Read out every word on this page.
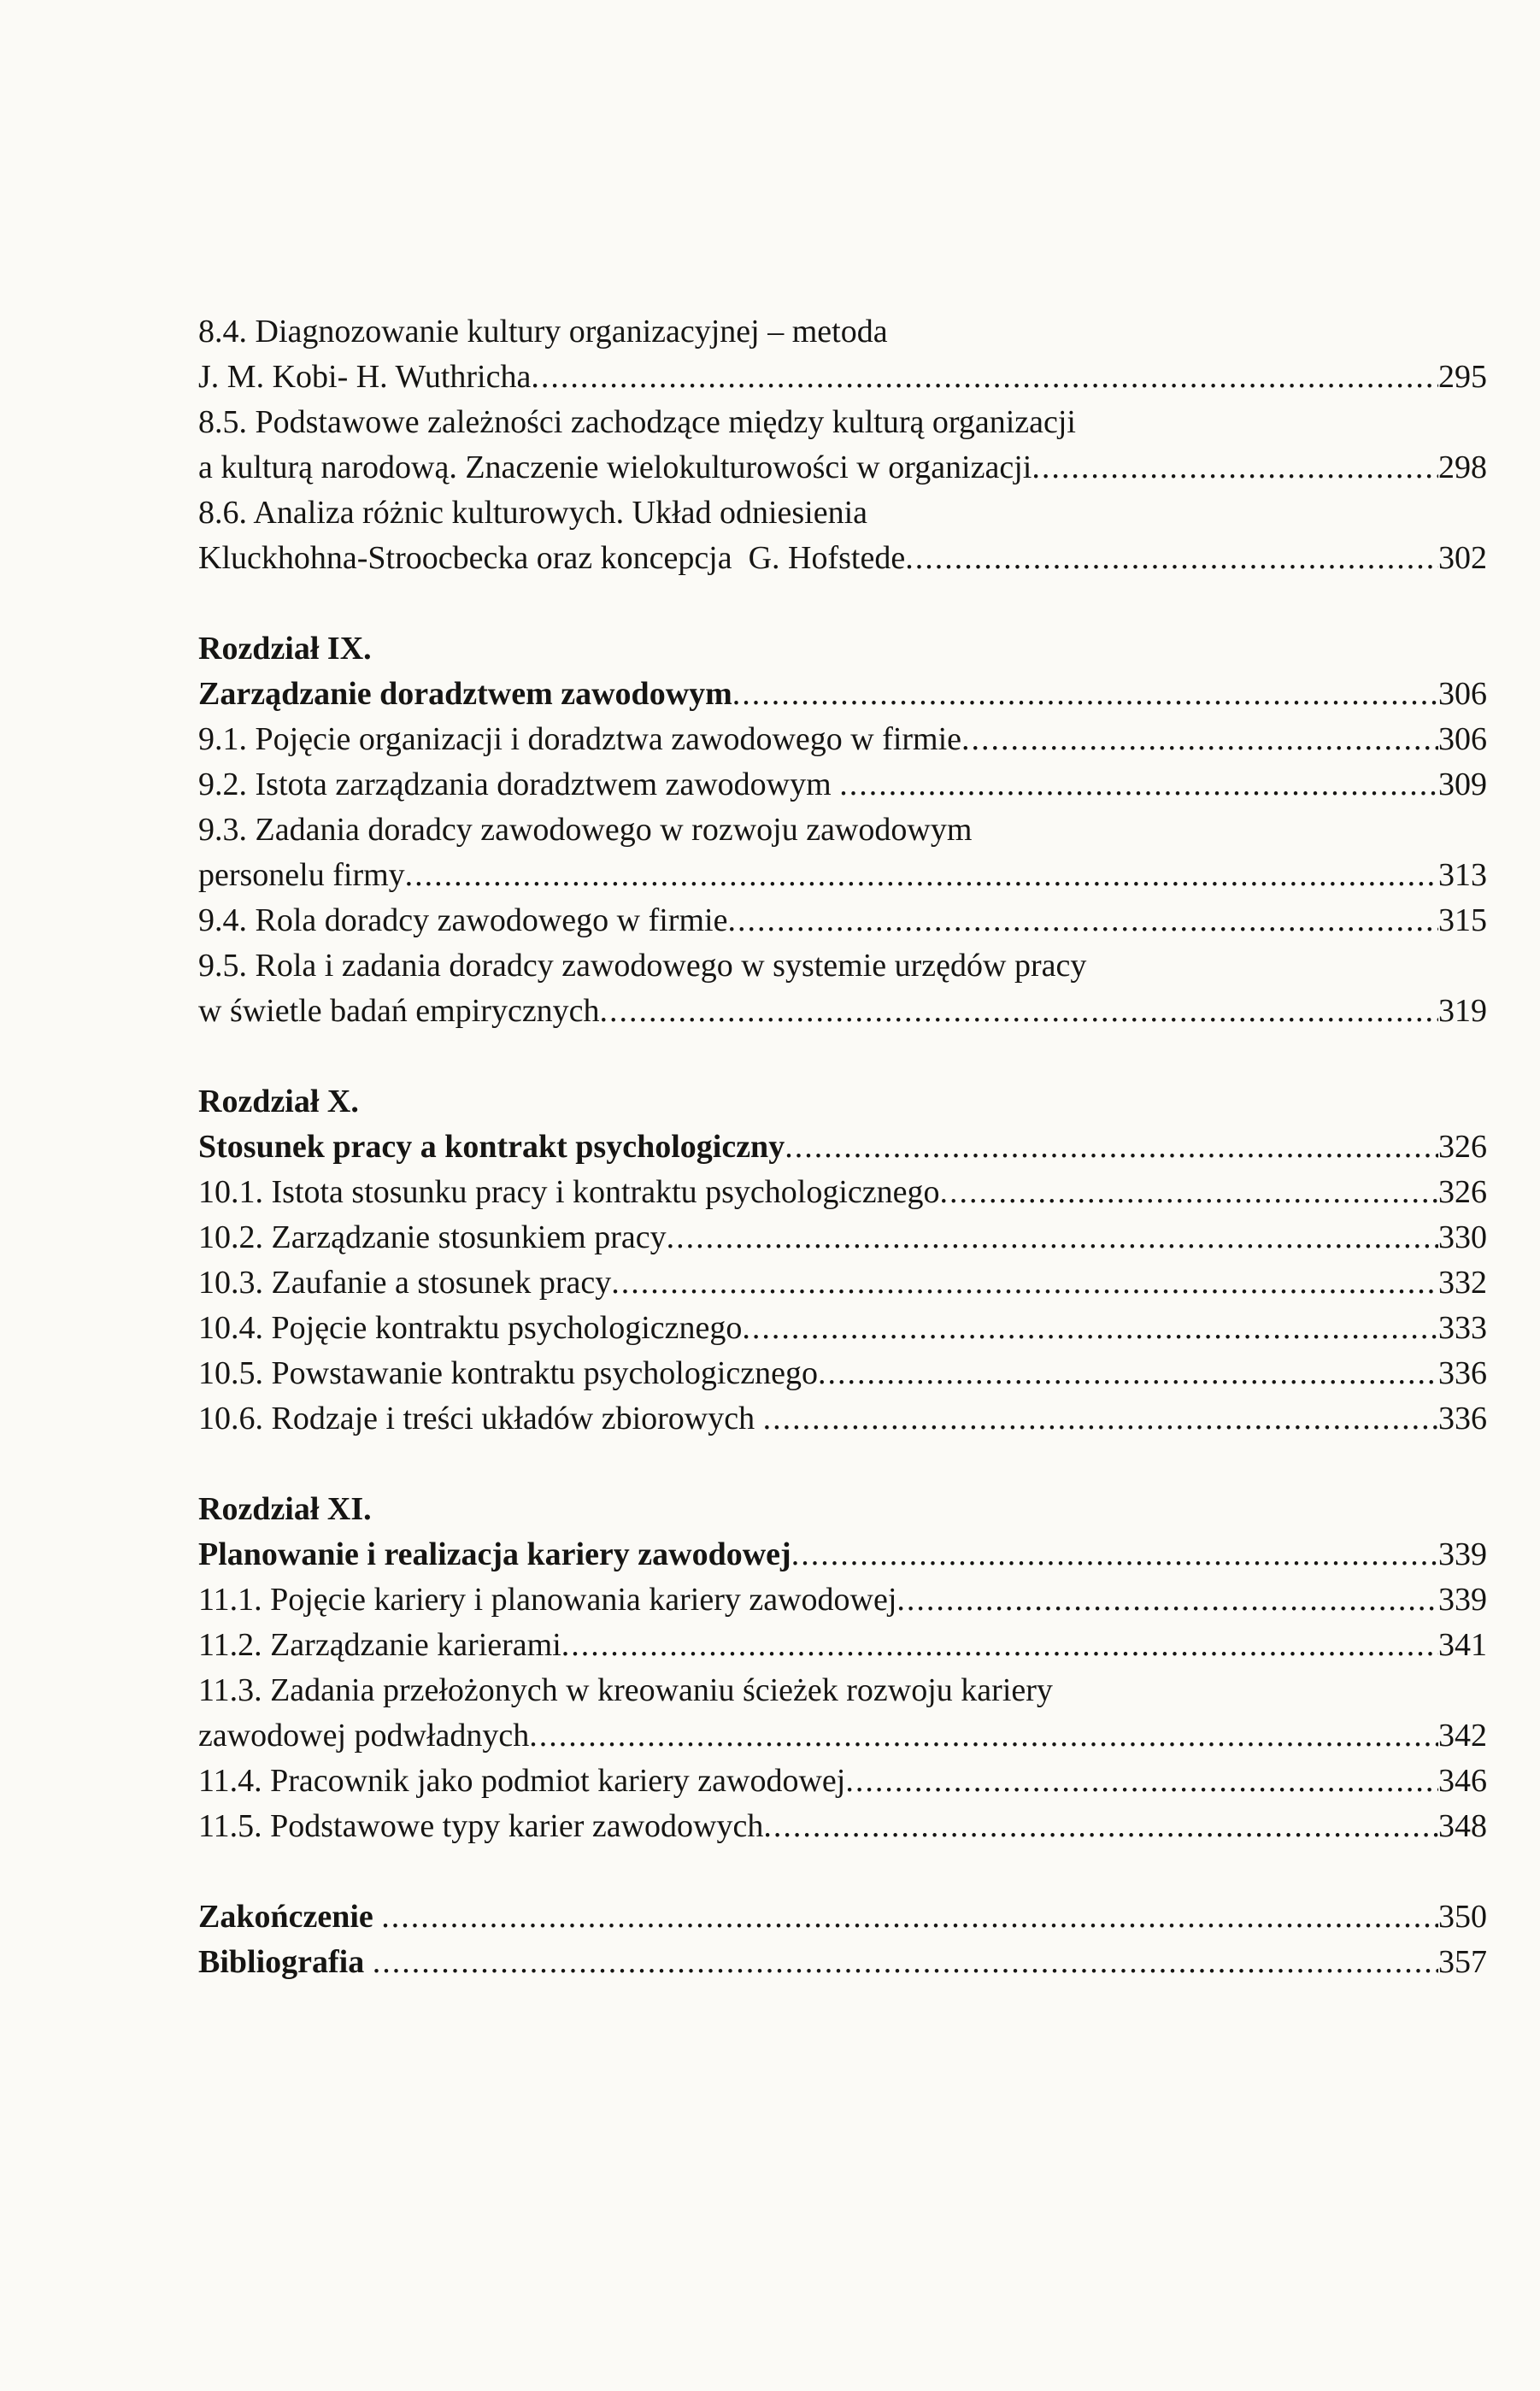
8.4. Diagnozowanie kultury organizacyjnej – metoda
J. M. Kobi- H. Wuthricha .....	295
8.5. Podstawowe zależności zachodzące między kulturą organizacji
a kulturą narodową. Znaczenie wielokulturowości w organizacji .....	298
8.6. Analiza różnic kulturowych. Układ odniesienia
Kluckhohna-Stroocbecka oraz koncepcja  G. Hofstede .....	302
Rozdział IX.
Zarządzanie doradztwem zawodowym .....	306
9.1. Pojęcie organizacji i doradztwa zawodowego w firmie .....	306
9.2. Istota zarządzania doradztwem zawodowym .....	309
9.3. Zadania doradcy zawodowego w rozwoju zawodowym
personelu firmy .....	313
9.4. Rola doradcy zawodowego w firmie .....	315
9.5. Rola i zadania doradcy zawodowego w systemie urzędów pracy
w świetle badań empirycznych .....	319
Rozdział X.
Stosunek pracy a kontrakt psychologiczny .....	326
10.1. Istota stosunku pracy i kontraktu psychologicznego .....	326
10.2. Zarządzanie stosunkiem pracy .....	330
10.3. Zaufanie a stosunek pracy .....	332
10.4. Pojęcie kontraktu psychologicznego .....	333
10.5. Powstawanie kontraktu psychologicznego .....	336
10.6. Rodzaje i treści układów zbiorowych .....	336
Rozdział XI.
Planowanie i realizacja kariery zawodowej .....	339
11.1. Pojęcie kariery i planowania kariery zawodowej .....	339
11.2. Zarządzanie karierami .....	341
11.3. Zadania przełożonych w kreowaniu ścieżek rozwoju kariery
zawodowej podwładnych .....	342
11.4. Pracownik jako podmiot kariery zawodowej .....	346
11.5. Podstawowe typy karier zawodowych .....	348
Zakończenie .....	350
Bibliografia .....	357
